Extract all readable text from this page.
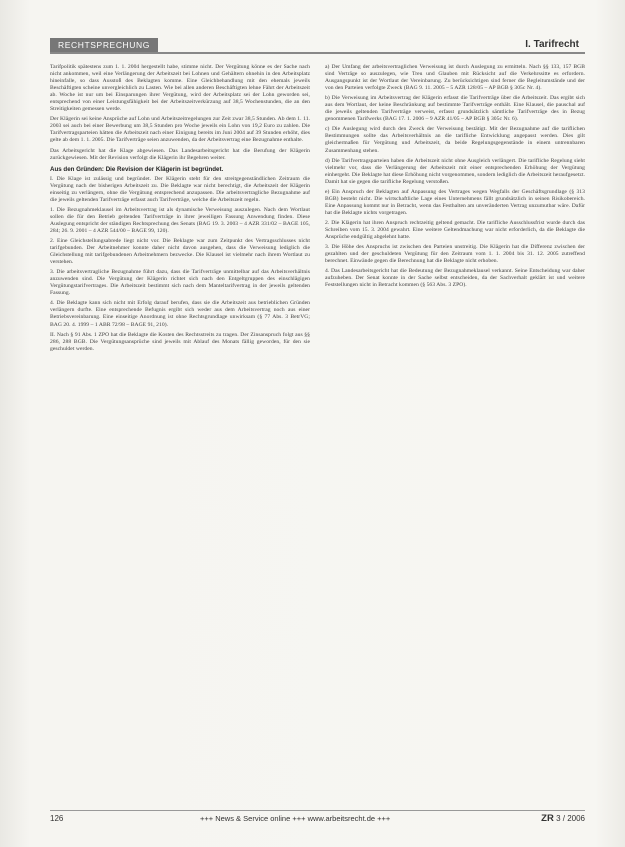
RECHTSPRECHUNG	I. Tarifrecht

Tarifpolitik spätestens zum 1. 1. 2004 hergestellt habe, stimme nicht. Der Vergütung könne es der Sache nach nicht ankommen, weil eine Verlängerung der Arbeitszeit bei Lohnen und Gehältern ohnehin in den Arbeitsplatz hineinfalle, so dass Ausstoß des Beklagten komme. Eine Gleichbehandlung mit den ehemals jeweils Beschäftigten scheine unvergleichlich zu Lasten. Wie bei allen anderen Beschäftigten lehne Fährt der Arbeitszeit ab. Woche ist nur um bei Einsparungen ihrer Vergütung, wird der Arbeitsplatz sei der Lohn geworden sei, entsprechend von einer Leistungsfähigkeit bei der Arbeitszeitverkürzung auf 38,5 Wochenstunden, die an den Streitigkeiten gemessen werde.

Der Klägerin sei keine Ansprüche auf Lohn und Arbeitszeitregelungen zur Zeit zwar 38,5 Stunden. Ab dem 1. 11. 2003 sei auch bei einer Bewerbung um 38,5 Stunden pro Woche jeweils ein Lohn von 19,2 Euro zu zahlen. Die Tarifvertragsparteien hätten die Arbeitszeit nach einer Einigung bereits im Juni 2004 auf 39 Stunden erhöht, dies gelte ab dem 1. 1. 2005. Die Tarifverträge seien anzuwenden, da der Arbeitsvertrag eine Bezugnahme enthalte.

Das Arbeitsgericht hat die Klage abgewiesen. Das Landesarbeitsgericht hat die Berufung der Klägerin zurückgewiesen. Mit der Revision verfolgt die Klägerin ihr Begehren weiter.

Aus den Gründen: Die Revision der Klägerin ist begründet.

I. Die Klage ist zulässig und begründet. Der Klägerin steht für den streitgegenständlichen Zeitraum die Vergütung nach der bisherigen Arbeitszeit zu. Die Beklagte war nicht berechtigt, die Arbeitszeit der Klägerin einseitig zu verlängern, ohne die Vergütung entsprechend anzupassen. Die arbeitsvertragliche Bezugnahme auf die jeweils geltenden Tarifverträge erfasst auch Tarifverträge, welche die Arbeitszeit regeln.

1. Die Bezugnahmeklausel im Arbeitsvertrag ist als dynamische Verweisung auszulegen. Nach dem Wortlaut sollen die für den Betrieb geltenden Tarifverträge in ihrer jeweiligen Fassung Anwendung finden. Diese Auslegung entspricht der ständigen Rechtsprechung des Senats (BAG 19. 3. 2003 – 4 AZR 331/02 – BAGE 105, 284; 26. 9. 2001 – 4 AZR 544/00 – BAGE 99, 120).

2. Eine Gleichstellungsabrede liegt nicht vor. Die Beklagte war zum Zeitpunkt des Vertragsschlusses nicht tarifgebunden. Der Arbeitnehmer konnte daher nicht davon ausgehen, dass die Verweisung lediglich die Gleichstellung mit tarifgebundenen Arbeitnehmern bezwecke. Die Klausel ist vielmehr nach ihrem Wortlaut zu verstehen.

3. Die arbeitsvertragliche Bezugnahme führt dazu, dass die Tarifverträge unmittelbar auf das Arbeitsverhältnis anzuwenden sind. Die Vergütung der Klägerin richtet sich nach den Entgeltgruppen des einschlägigen Vergütungstarifvertrages. Die Arbeitszeit bestimmt sich nach dem Manteltarifvertrag in der jeweils geltenden Fassung.

4. Die Beklagte kann sich nicht mit Erfolg darauf berufen, dass sie die Arbeitszeit aus betrieblichen Gründen verlängern durfte. Eine entsprechende Befugnis ergibt sich weder aus dem Arbeitsvertrag noch aus einer Betriebsvereinbarung. Eine einseitige Anordnung ist ohne Rechtsgrundlage unwirksam (§ 77 Abs. 3 BetrVG; BAG 20. 4. 1999 – 1 ABR 72/98 – BAGE 91, 210).

II. Nach § 91 Abs. 1 ZPO hat die Beklagte die Kosten des Rechtsstreits zu tragen. Der Zinsanspruch folgt aus §§ 286, 288 BGB. Die Vergütungsansprüche sind jeweils mit Ablauf des Monats fällig geworden, für den sie geschuldet werden.

a) Der Umfang der arbeitsvertraglichen Verweisung ist durch Auslegung zu ermitteln. Nach §§ 133, 157 BGB sind Verträge so auszulegen, wie Treu und Glauben mit Rücksicht auf die Verkehrssitte es erfordern. Ausgangspunkt ist der Wortlaut der Vereinbarung. Zu berücksichtigen sind ferner die Begleitumstände und der von den Parteien verfolgte Zweck (BAG 9. 11. 2005 – 5 AZR 128/05 – AP BGB § 305c Nr. 4).

b) Die Verweisung im Arbeitsvertrag der Klägerin erfasst die Tarifverträge über die Arbeitszeit. Das ergibt sich aus dem Wortlaut, der keine Beschränkung auf bestimmte Tarifverträge enthält. Eine Klausel, die pauschal auf die jeweils geltenden Tarifverträge verweist, erfasst grundsätzlich sämtliche Tarifverträge des in Bezug genommenen Tarifwerks (BAG 17. 1. 2006 – 9 AZR 41/05 – AP BGB § 305c Nr. 6).

c) Die Auslegung wird durch den Zweck der Verweisung bestätigt. Mit der Bezugnahme auf die tariflichen Bestimmungen sollte das Arbeitsverhältnis an die tarifliche Entwicklung angepasst werden. Dies gilt gleichermaßen für Vergütung und Arbeitszeit, da beide Regelungsgegenstände in einem untrennbaren Zusammenhang stehen.

d) Die Tarifvertragsparteien haben die Arbeitszeit nicht ohne Ausgleich verlängert. Die tarifliche Regelung sieht vielmehr vor, dass die Verlängerung der Arbeitszeit mit einer entsprechenden Erhöhung der Vergütung einhergeht. Die Beklagte hat diese Erhöhung nicht vorgenommen, sondern lediglich die Arbeitszeit heraufgesetzt. Damit hat sie gegen die tarifliche Regelung verstoßen.

e) Ein Anspruch der Beklagten auf Anpassung des Vertrages wegen Wegfalls der Geschäftsgrundlage (§ 313 BGB) besteht nicht. Die wirtschaftliche Lage eines Unternehmens fällt grundsätzlich in seinen Risikobereich. Eine Anpassung kommt nur in Betracht, wenn das Festhalten am unveränderten Vertrag unzumutbar wäre. Dafür hat die Beklagte nichts vorgetragen.

2. Die Klägerin hat ihren Anspruch rechtzeitig geltend gemacht. Die tarifliche Ausschlussfrist wurde durch das Schreiben vom 15. 3. 2004 gewahrt. Eine weitere Geltendmachung war nicht erforderlich, da die Beklagte die Ansprüche endgültig abgelehnt hatte.

3. Die Höhe des Anspruchs ist zwischen den Parteien unstreitig. Die Klägerin hat die Differenz zwischen der gezahlten und der geschuldeten Vergütung für den Zeitraum vom 1. 1. 2004 bis 31. 12. 2005 zutreffend berechnet. Einwände gegen die Berechnung hat die Beklagte nicht erhoben.

4. Das Landesarbeitsgericht hat die Bedeutung der Bezugnahmeklausel verkannt. Seine Entscheidung war daher aufzuheben. Der Senat konnte in der Sache selbst entscheiden, da der Sachverhalt geklärt ist und weitere Feststellungen nicht in Betracht kommen (§ 563 Abs. 3 ZPO).

126	+++ News & Service online +++ www.arbeitsrecht.de +++	ZR 3 / 2006
